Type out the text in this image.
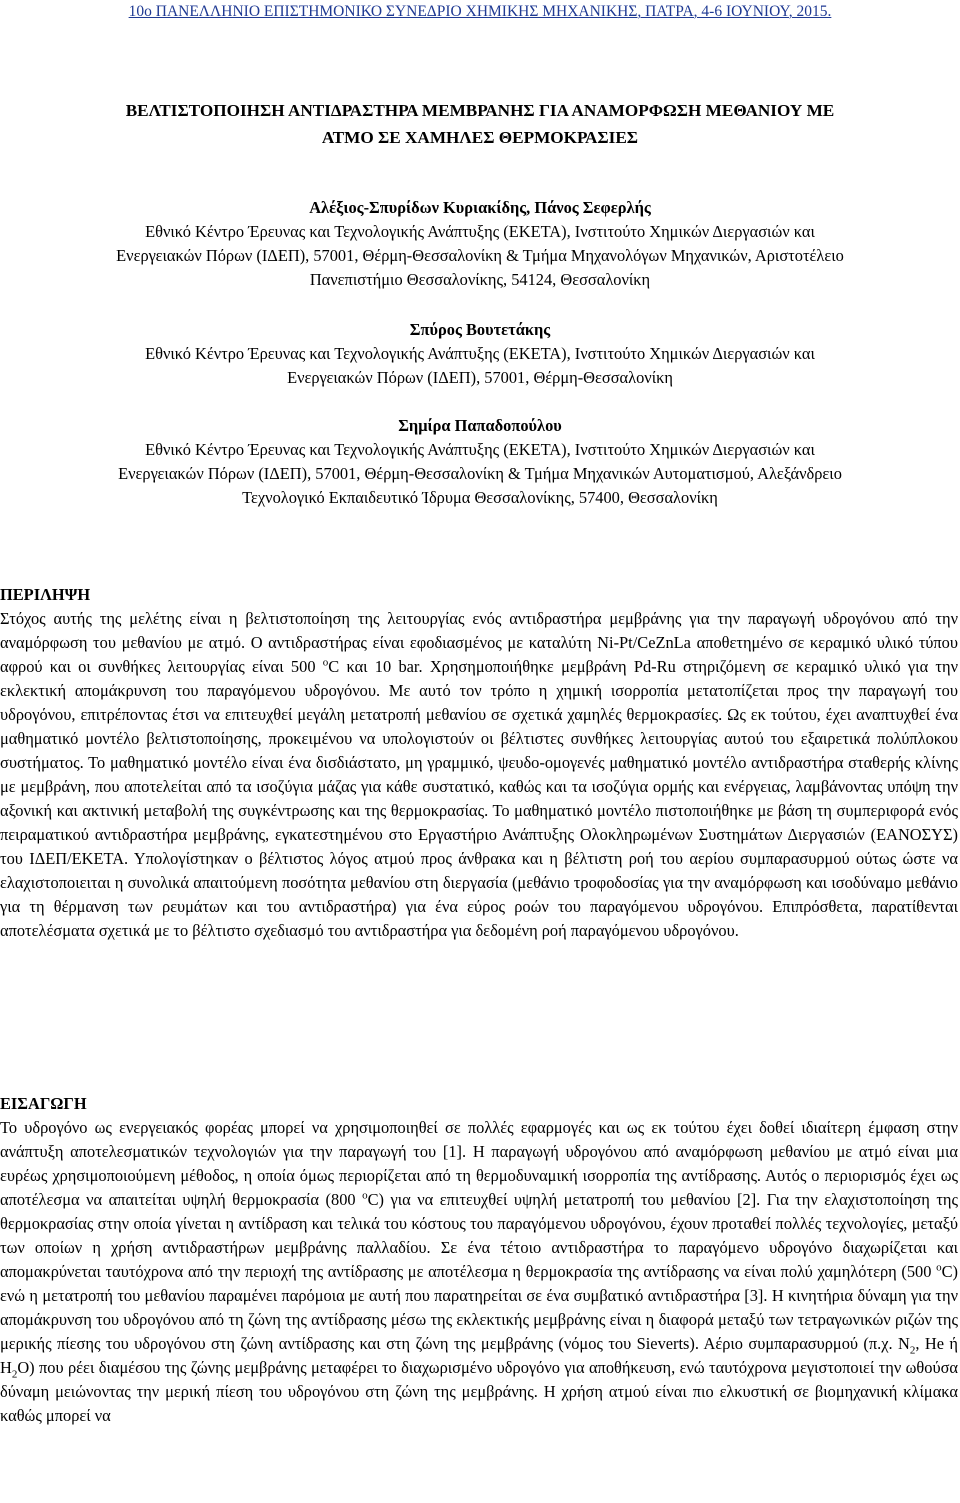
10ο ΠΑΝΕΛΛΗΝΙΟ ΕΠΙΣΤΗΜΟΝΙΚΟ ΣΥΝΕΔΡΙΟ ΧΗΜΙΚΗΣ ΜΗΧΑΝΙΚΗΣ, ΠΑΤΡΑ, 4-6 ΙΟΥΝΙΟΥ, 2015.
ΒΕΛΤΙΣΤΟΠΟΙΗΣΗ ΑΝΤΙΔΡΑΣΤΗΡΑ ΜΕΜΒΡΑΝΗΣ ΓΙΑ ΑΝΑΜΟΡΦΩΣΗ ΜΕΘΑΝΙΟΥ ΜΕ
ΑΤΜΟ ΣΕ ΧΑΜΗΛΕΣ ΘΕΡΜΟΚΡΑΣΙΕΣ
Αλέξιος-Σπυρίδων Κυριακίδης, Πάνος Σεφερλής
Εθνικό Κέντρο Έρευνας και Τεχνολογικής Ανάπτυξης (ΕΚΕΤΑ), Ινστιτούτο Χημικών Διεργασιών και
Ενεργειακών Πόρων (ΙΔΕΠ), 57001, Θέρμη-Θεσσαλονίκη & Τμήμα Μηχανολόγων Μηχανικών, Αριστοτέλειο
Πανεπιστήμιο Θεσσαλονίκης, 54124, Θεσσαλονίκη
Σπύρος Βουτετάκης
Εθνικό Κέντρο Έρευνας και Τεχνολογικής Ανάπτυξης (ΕΚΕΤΑ), Ινστιτούτο Χημικών Διεργασιών και
Ενεργειακών Πόρων (ΙΔΕΠ), 57001, Θέρμη-Θεσσαλονίκη
Σημίρα Παπαδοπούλου
Εθνικό Κέντρο Έρευνας και Τεχνολογικής Ανάπτυξης (ΕΚΕΤΑ), Ινστιτούτο Χημικών Διεργασιών και
Ενεργειακών Πόρων (ΙΔΕΠ), 57001, Θέρμη-Θεσσαλονίκη & Τμήμα Μηχανικών Αυτοματισμού, Αλεξάνδρειο
Τεχνολογικό Εκπαιδευτικό Ίδρυμα Θεσσαλονίκης, 57400, Θεσσαλονίκη
ΠΕΡΙΛΗΨΗ
Στόχος αυτής της μελέτης είναι η βελτιστοποίηση της λειτουργίας ενός αντιδραστήρα μεμβράνης για την παραγωγή υδρογόνου από την αναμόρφωση του μεθανίου με ατμό. Ο αντιδραστήρας είναι εφοδιασμένος με καταλύτη Ni-Pt/CeZnLa αποθετημένο σε κεραμικό υλικό τύπου αφρού και οι συνθήκες λειτουργίας είναι 500 $^o$C και 10 bar. Χρησημοποιήθηκε μεμβράνη Pd-Ru στηριζόμενη σε κεραμικό υλικό για την εκλεκτική απομάκρυνση του παραγόμενου υδρογόνου. Με αυτό τον τρόπο η χημική ισορροπία μετατοπίζεται προς την παραγωγή του υδρογόνου, επιτρέποντας έτσι να επιτευχθεί μεγάλη μετατροπή μεθανίου σε σχετικά χαμηλές θερμοκρασίες. Ως εκ τούτου, έχει αναπτυχθεί ένα μαθηματικό μοντέλο βελτιστοποίησης, προκειμένου να υπολογιστούν οι βέλτιστες συνθήκες λειτουργίας αυτού του εξαιρετικά πολύπλοκου συστήματος. Το μαθηματικό μοντέλο είναι ένα δισδιάστατο, μη γραμμικό, ψευδο-ομογενές μαθηματικό μοντέλο αντιδραστήρα σταθερής κλίνης με μεμβράνη, που αποτελείται από τα ισοζύγια μάζας για κάθε συστατικό, καθώς και τα ισοζύγια ορμής και ενέργειας, λαμβάνοντας υπόψη την αξονική και ακτινική μεταβολή της συγκέντρωσης και της θερμοκρασίας. Το μαθηματικό μοντέλο πιστοποιήθηκε με βάση τη συμπεριφορά ενός πειραματικού αντιδραστήρα μεμβράνης, εγκατεστημένου στο Εργαστήριο Ανάπτυξης Ολοκληρωμένων Συστημάτων Διεργασιών (ΕΑΝΟΣΥΣ) του ΙΔΕΠ/ΕΚΕΤΑ. Υπολογίστηκαν ο βέλτιστος λόγος ατμού προς άνθρακα και η βέλτιστη ροή του αερίου συμπαρασυρμού ούτως ώστε να ελαχιστοποιειται η συνολικά απαιτούμενη ποσότητα μεθανίου στη διεργασία (μεθάνιο τροφοδοσίας για την αναμόρφωση και ισοδύναμο μεθάνιο για τη θέρμανση των ρευμάτων και του αντιδραστήρα) για ένα εύρος ροών του παραγόμενου υδρογόνου. Επιπρόσθετα, παρατίθενται αποτελέσματα σχετικά με το βέλτιστο σχεδιασμό του αντιδραστήρα για δεδομένη ροή παραγόμενου υδρογόνου.
ΕΙΣΑΓΩΓΗ
Το υδρογόνο ως ενεργειακός φορέας μπορεί να χρησιμοποιηθεί σε πολλές εφαρμογές και ως εκ τούτου έχει δοθεί ιδιαίτερη έμφαση στην ανάπτυξη αποτελεσματικών τεχνολογιών για την παραγωγή του [1]. Η παραγωγή υδρογόνου από αναμόρφωση μεθανίου με ατμό είναι μια ευρέως χρησιμοποιούμενη μέθοδος, η οποία όμως περιορίζεται από τη θερμοδυναμική ισορροπία της αντίδρασης. Αυτός ο περιορισμός έχει ως αποτέλεσμα να απαιτείται υψηλή θερμοκρασία (800 $^o$C) για να επιτευχθεί υψηλή μετατροπή του μεθανίου [2]. Για την ελαχιστοποίηση της θερμοκρασίας στην οποία γίνεται η αντίδραση και τελικά του κόστους του παραγόμενου υδρογόνου, έχουν προταθεί πολλές τεχνολογίες, μεταξύ των οποίων η χρήση αντιδραστήρων μεμβράνης παλλαδίου. Σε ένα τέτοιο αντιδραστήρα το παραγόμενο υδρογόνο διαχωρίζεται και απομακρύνεται ταυτόχρονα από την περιοχή της αντίδρασης με αποτέλεσμα η θερμοκρασία της αντίδρασης να είναι πολύ χαμηλότερη (500 $^o$C) ενώ η μετατροπή του μεθανίου παραμένει παρόμοια με αυτή που παρατηρείται σε ένα συμβατικό αντιδραστήρα [3]. Η κινητήρια δύναμη για την απομάκρυνση του υδρογόνου από τη ζώνη της αντίδρασης μέσω της εκλεκτικής μεμβράνης είναι η διαφορά μεταξύ των τετραγωνικών ριζών της μερικής πίεσης του υδρογόνου στη ζώνη αντίδρασης και στη ζώνη της μεμβράνης (νόμος του Sieverts). Αέριο συμπαρασυρμού (π.χ. $N_2$, He ή $H_2O$) που ρέει διαμέσου της ζώνης μεμβράνης μεταφέρει το διαχωρισμένο υδρογόνο για αποθήκευση, ενώ ταυτόχρονα μεγιστοποιεί την ωθούσα δύναμη μειώνοντας την μερική πίεση του υδρογόνου στη ζώνη της μεμβράνης. Η χρήση ατμού είναι πιο ελκυστική σε βιομηχανική κλίμακα καθώς μπορεί να
